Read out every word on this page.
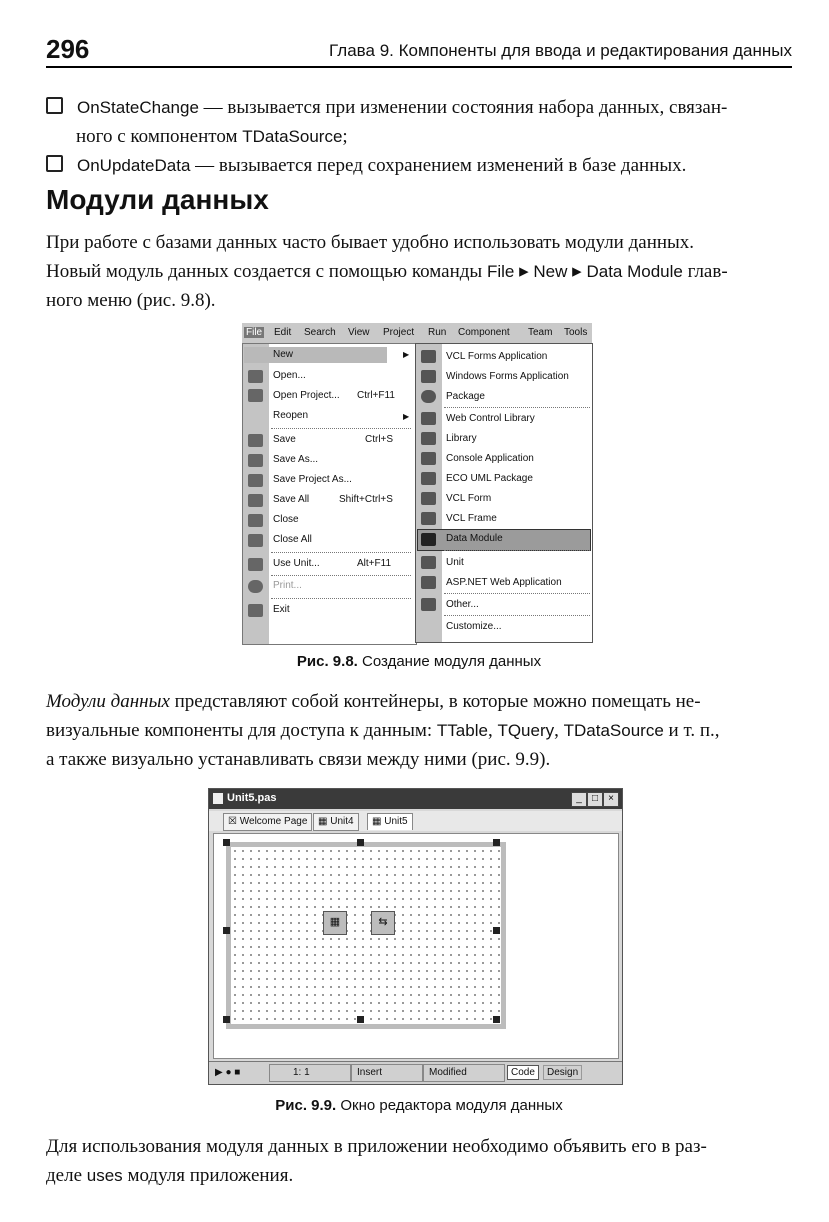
296	Глава 9. Компоненты для ввода и редактирования данных
OnStateChange — вызывается при изменении состояния набора данных, связан-
ного с компонентом TDataSource;
OnUpdateData — вызывается перед сохранением изменений в базе данных.
Модули данных
При работе с базами данных часто бывает удобно использовать модули данных.
Новый модуль данных создается с помощью команды File ▸ New ▸ Data Module глав-
ного меню (рис. 9.8).
File Edit Search View Project Run Component Team Tools
New	▶
Open...
Open Project... Ctrl+F11
Reopen	▶
Save	Ctrl+S
Save As...
Save Project As...
Save All	Shift+Ctrl+S
Close
Close All
Use Unit...	Alt+F11
Print...
Exit
VCL Forms Application
Windows Forms Application
Package
Web Control Library
Library
Console Application
ECO UML Package
VCL Form
VCL Frame
Data Module
Unit
ASP.NET Web Application
Other...
Customize...
Рис. 9.8. Создание модуля данных
Модули данных представляют собой контейнеры, в которые можно помещать не-
визуальные компоненты для доступа к данным: TTable, TQuery, TDataSource и т. п.,
а также визуально устанавливать связи между ними (рис. 9.9).
Unit5.pas	_	□	×
☒ Welcome Page	▦ Unit4	▦ Unit5
▦	⇆
▶ ● ■	1: 1	Insert	Modified	Code	Design
Рис. 9.9. Окно редактора модуля данных
Для использования модуля данных в приложении необходимо объявить его в раз-
деле uses модуля приложения.
